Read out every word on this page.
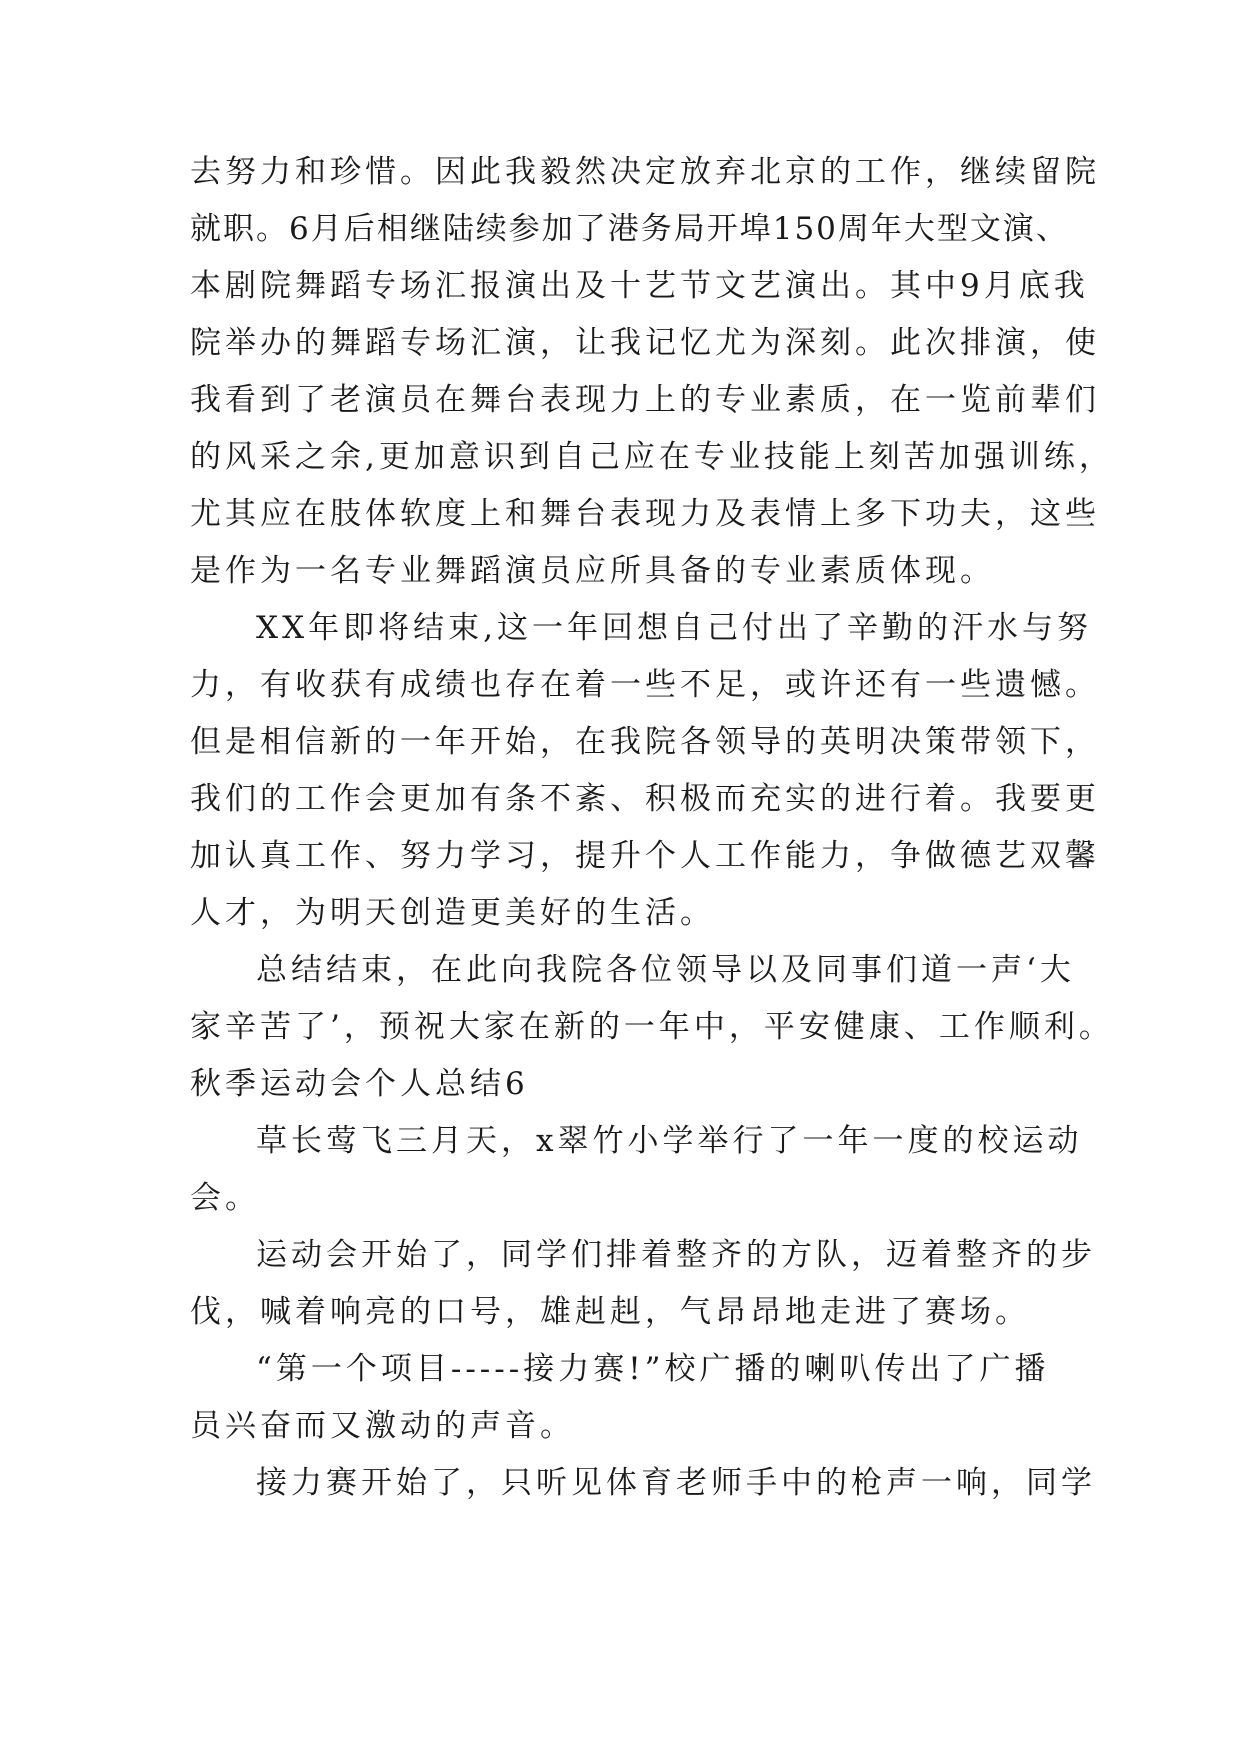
去努力和珍惜。因此我毅然决定放弃北京的工作，继续留院
就职。6月后相继陆续参加了港务局开埠150周年大型文演、
本剧院舞蹈专场汇报演出及十艺节文艺演出。其中9月底我
院举办的舞蹈专场汇演，让我记忆尤为深刻。此次排演，使
我看到了老演员在舞台表现力上的专业素质，在一览前辈们
的风采之余,更加意识到自己应在专业技能上刻苦加强训练，
尤其应在肢体软度上和舞台表现力及表情上多下功夫，这些
是作为一名专业舞蹈演员应所具备的专业素质体现。
XX年即将结束,这一年回想自己付出了辛勤的汗水与努
力，有收获有成绩也存在着一些不足，或许还有一些遗憾。
但是相信新的一年开始，在我院各领导的英明决策带领下，
我们的工作会更加有条不紊、积极而充实的进行着。我要更
加认真工作、努力学习，提升个人工作能力，争做德艺双馨
人才，为明天创造更美好的生活。
总结结束，在此向我院各位领导以及同事们道一声‘大
家辛苦了’，预祝大家在新的一年中，平安健康、工作顺利。
秋季运动会个人总结6
草长莺飞三月天，x翠竹小学举行了一年一度的校运动
会。
运动会开始了，同学们排着整齐的方队，迈着整齐的步
伐，喊着响亮的口号，雄赳赳，气昂昂地走进了赛场。
“第一个项目-----接力赛!”校广播的喇叭传出了广播
员兴奋而又激动的声音。
接力赛开始了，只听见体育老师手中的枪声一响，同学
